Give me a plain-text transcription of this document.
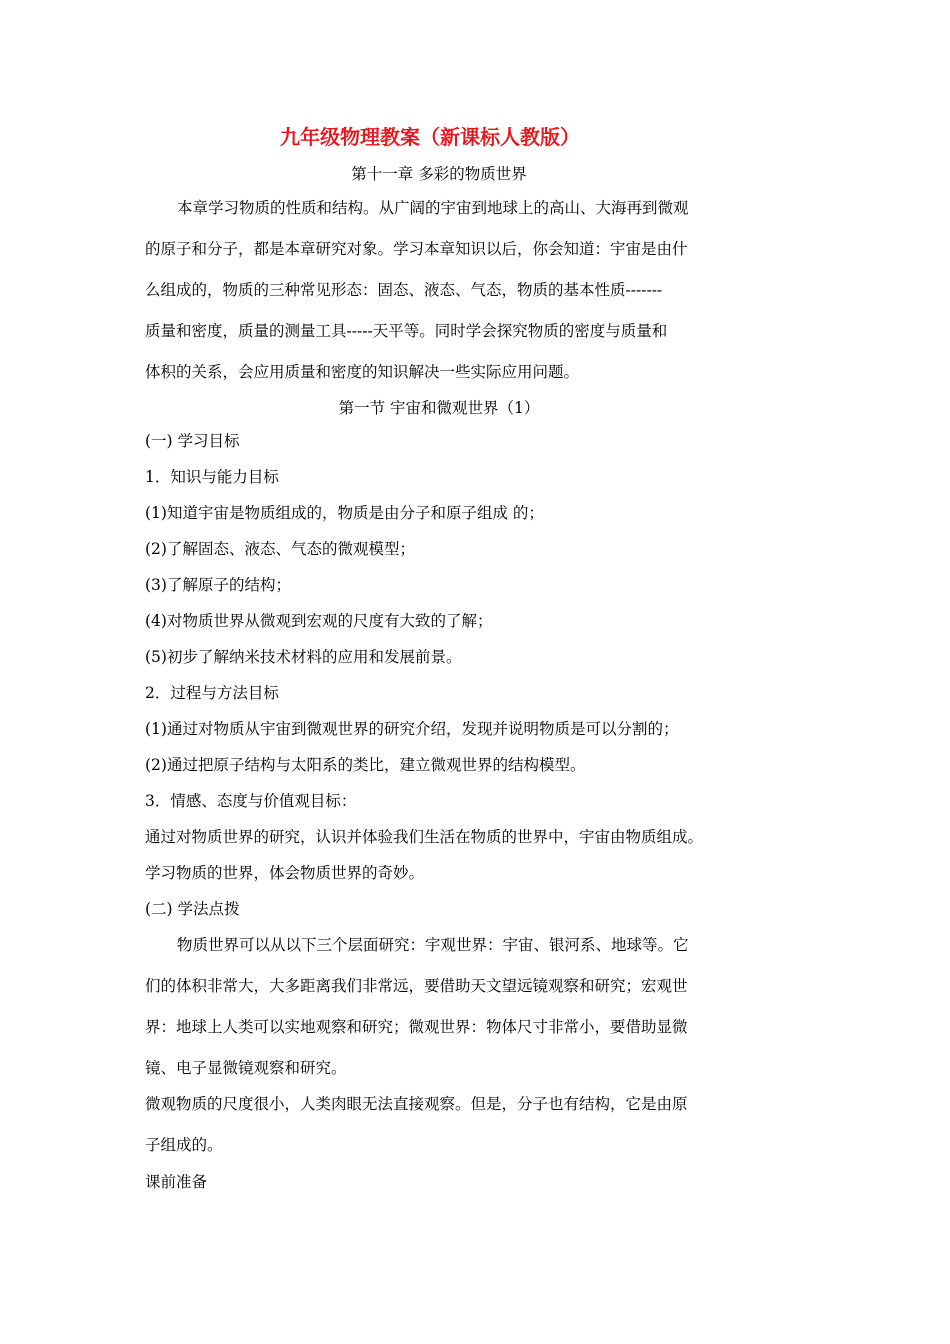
九年级物理教案（新课标人教版）
第十一章 多彩的物质世界
本章学习物质的性质和结构。从广阔的宇宙到地球上的高山、大海再到微观
的原子和分子，都是本章研究对象。学习本章知识以后，你会知道：宇宙是由什
么组成的，物质的三种常见形态：固态、液态、气态，物质的基本性质-------
质量和密度，质量的测量工具-----天平等。同时学会探究物质的密度与质量和
体积的关系，会应用质量和密度的知识解决一些实际应用问题。
第一节 宇宙和微观世界（1）
(一) 学习目标
1．知识与能力目标
(1)知道宇宙是物质组成的，物质是由分子和原子组成 的；
(2)了解固态、液态、气态的微观模型；
(3)了解原子的结构；
(4)对物质世界从微观到宏观的尺度有大致的了解；
(5)初步了解纳米技术材料的应用和发展前景。
2．过程与方法目标
(1)通过对物质从宇宙到微观世界的研究介绍，发现并说明物质是可以分割的；
(2)通过把原子结构与太阳系的类比，建立微观世界的结构模型。
3．情感、态度与价值观目标：
通过对物质世界的研究，认识并体验我们生活在物质的世界中，宇宙由物质组成。
学习物质的世界，体会物质世界的奇妙。
(二) 学法点拨
物质世界可以从以下三个层面研究：宇观世界：宇宙、银河系、地球等。它
们的体积非常大，大多距离我们非常远，要借助天文望远镜观察和研究；宏观世
界：地球上人类可以实地观察和研究；微观世界：物体尺寸非常小，要借助显微
镜、电子显微镜观察和研究。
微观物质的尺度很小，人类肉眼无法直接观察。但是，分子也有结构，它是由原
子组成的。
课前准备
